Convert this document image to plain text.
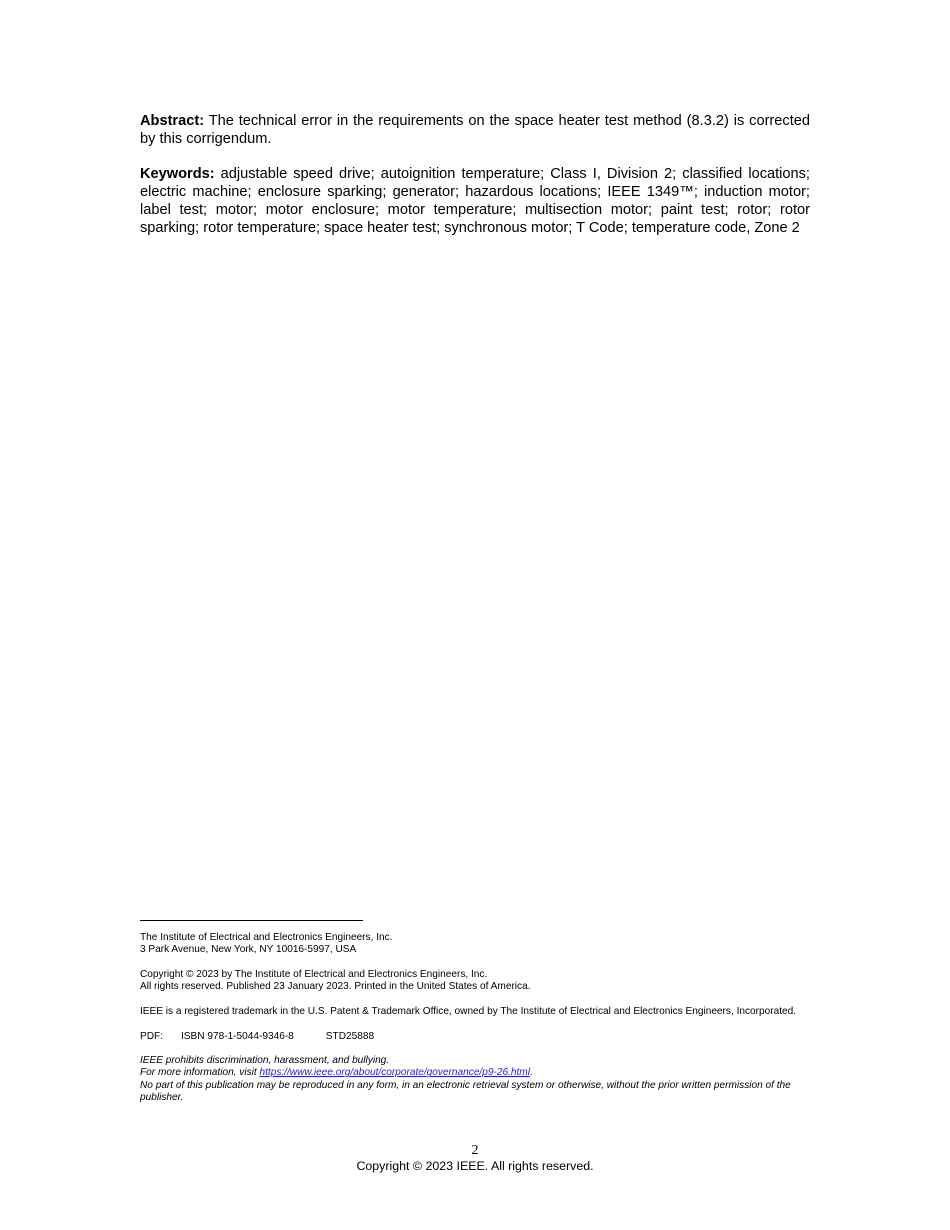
Abstract: The technical error in the requirements on the space heater test method (8.3.2) is corrected by this corrigendum.

Keywords: adjustable speed drive; autoignition temperature; Class I, Division 2; classified locations; electric machine; enclosure sparking; generator; hazardous locations; IEEE 1349™; induction motor; label test; motor; motor enclosure; motor temperature; multisection motor; paint test; rotor; rotor sparking; rotor temperature; space heater test; synchronous motor; T Code; temperature code, Zone 2

The Institute of Electrical and Electronics Engineers, Inc.
3 Park Avenue, New York, NY 10016-5997, USA

Copyright © 2023 by The Institute of Electrical and Electronics Engineers, Inc.
All rights reserved. Published 23 January 2023. Printed in the United States of America.

IEEE is a registered trademark in the U.S. Patent & Trademark Office, owned by The Institute of Electrical and Electronics Engineers, Incorporated.

PDF: ISBN 978-1-5044-9346-8	STD25888

IEEE prohibits discrimination, harassment, and bullying.

For more information, visit https://www.ieee.org/about/corporate/governance/p9-26.html.

No part of this publication may be reproduced in any form, in an electronic retrieval system or otherwise, without the prior written permission of the publisher.

2
Copyright © 2023 IEEE. All rights reserved.
